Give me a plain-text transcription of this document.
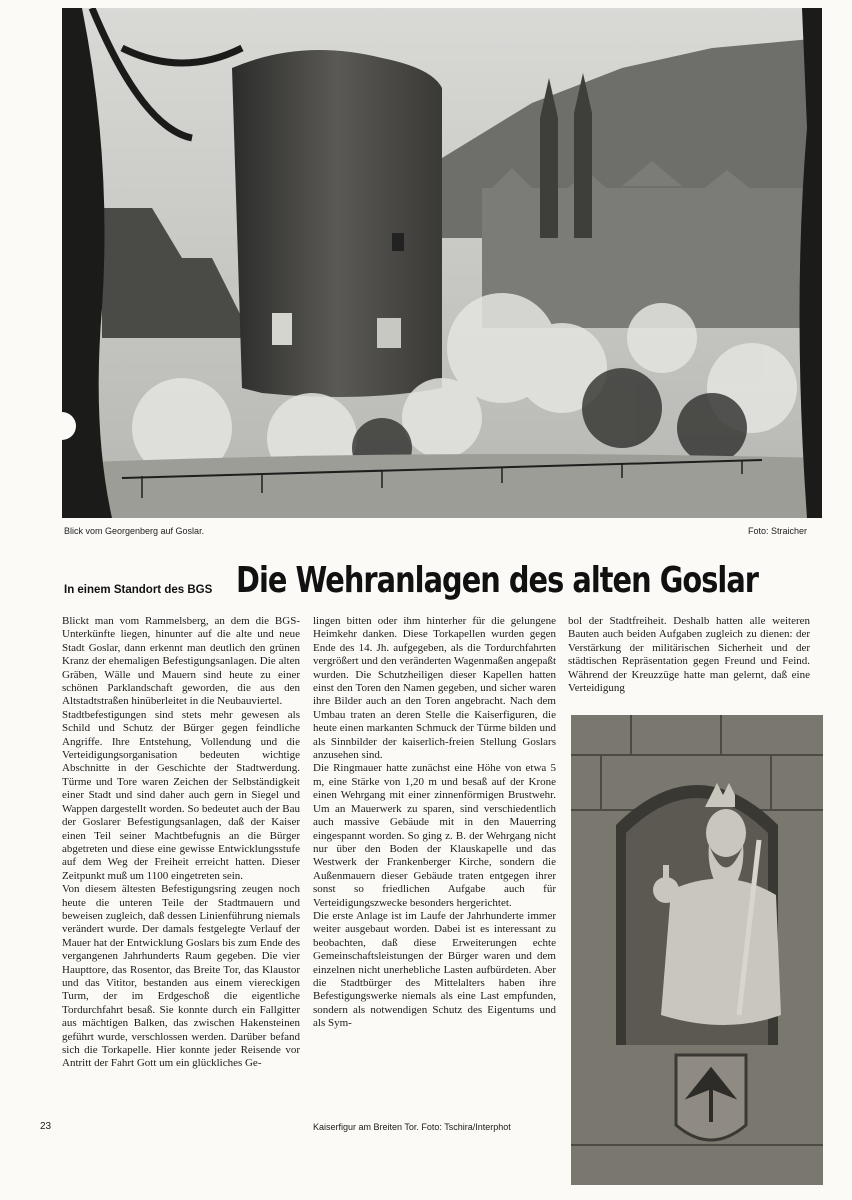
Blick vom Georgenberg auf Goslar.	Foto: Straicher
In einem Standort des BGS Die Wehranlagen des alten Goslar

Blickt man vom Rammelsberg, an dem die BGS-Unterkünfte liegen, hinunter auf die alte und neue Stadt Goslar, dann erkennt man deutlich den grünen Kranz der ehemaligen Befestigungsanlagen. Die alten Gräben, Wälle und Mauern sind heute zu einer schönen Parklandschaft geworden, die aus den Altstadtstraßen hinüberleitet in die Neubauviertel.

Stadtbefestigungen sind stets mehr gewesen als Schild und Schutz der Bürger gegen feindliche Angriffe. Ihre Entstehung, Vollendung und die Verteidigungsorganisation bedeuten wichtige Abschnitte in der Geschichte der Stadtwerdung. Türme und Tore waren Zeichen der Selbständigkeit einer Stadt und sind daher auch gern in Siegel und Wappen dargestellt worden. So bedeutet auch der Bau der Goslarer Befestigungsanlagen, daß der Kaiser einen Teil seiner Machtbefugnis an die Bürger abgetreten und diese eine gewisse Entwicklungsstufe auf dem Weg der Freiheit erreicht hatten. Dieser Zeitpunkt muß um 1100 eingetreten sein.

Von diesem ältesten Befestigungsring zeugen noch heute die unteren Teile der Stadtmauern und beweisen zugleich, daß dessen Linienführung niemals verändert wurde. Der damals festgelegte Verlauf der Mauer hat der Entwicklung Goslars bis zum Ende des vergangenen Jahrhunderts Raum gegeben. Die vier Haupttore, das Rosentor, das Breite Tor, das Klaustor und das Vititor, bestanden aus einem viereckigen Turm, der im Erdgeschoß die eigentliche Tordurchfahrt besaß. Sie konnte durch ein Fallgitter aus mächtigen Balken, das zwischen Hakensteinen geführt wurde, verschlossen werden. Darüber befand sich die Torkapelle. Hier konnte jeder Reisende vor Antritt der Fahrt Gott um ein glückliches Ge-

lingen bitten oder ihm hinterher für die gelungene Heimkehr danken. Diese Torkapellen wurden gegen Ende des 14. Jh. aufgegeben, als die Tordurchfahrten vergrößert und den veränderten Wagenmaßen angepaßt wurden. Die Schutzheiligen dieser Kapellen hatten einst den Toren den Namen gegeben, und sicher waren ihre Bilder auch an den Toren angebracht. Nach dem Umbau traten an deren Stelle die Kaiserfiguren, die heute einen markanten Schmuck der Türme bilden und als Sinnbilder der kaiserlich-freien Stellung Goslars anzusehen sind.

Die Ringmauer hatte zunächst eine Höhe von etwa 5 m, eine Stärke von 1,20 m und besaß auf der Krone einen Wehrgang mit einer zinnenförmigen Brustwehr. Um an Mauerwerk zu sparen, sind verschiedentlich auch massive Gebäude mit in den Mauerring eingespannt worden. So ging z. B. der Wehrgang nicht nur über den Boden der Klauskapelle und das Westwerk der Frankenberger Kirche, sondern die Außenmauern dieser Gebäude traten entgegen ihrer sonst so friedlichen Aufgabe auch für Verteidigungszwecke besonders hergerichtet.

Die erste Anlage ist im Laufe der Jahrhunderte immer weiter ausgebaut worden. Dabei ist es interessant zu beobachten, daß diese Erweiterungen echte Gemeinschaftsleistungen der Bürger waren und dem einzelnen nicht unerhebliche Lasten aufbürdeten. Aber die Stadtbürger des Mittelalters haben ihre Befestigungswerke niemals als eine Last empfunden, sondern als notwendigen Schutz des Eigentums und als Sym-

bol der Stadtfreiheit. Deshalb hatten alle weiteren Bauten auch beiden Aufgaben zugleich zu dienen: der Verstärkung der militärischen Sicherheit und der städtischen Repräsentation gegen Freund und Feind. Während der Kreuzzüge hatte man gelernt, daß eine Verteidigung

Kaiserfigur am Breiten Tor. Foto: Tschira/Interphot
23
